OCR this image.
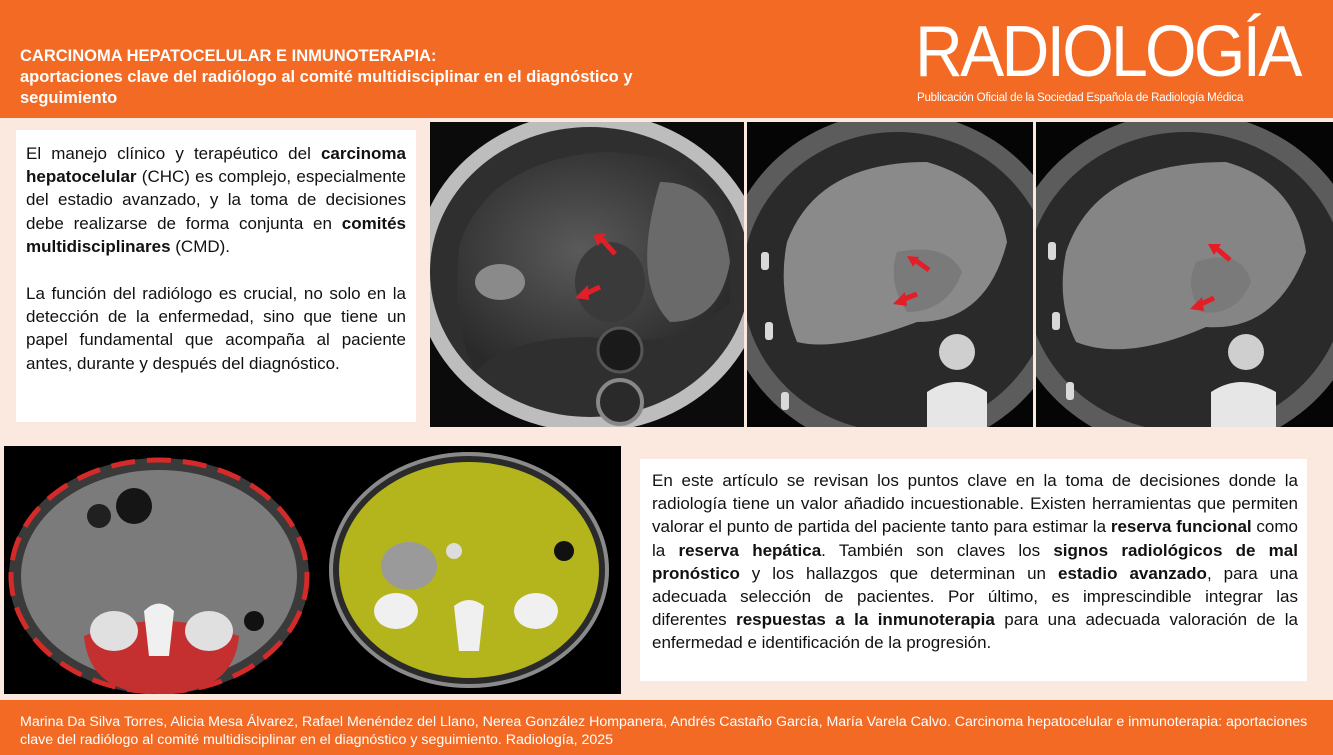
CARCINOMA HEPATOCELULAR E INMUNOTERAPIA:
aportaciones clave del radiólogo al comité multidisciplinar en el diagnóstico y seguimiento
RADIOLOGÍA
Publicación Oficial de la Sociedad Española de Radiología Médica

El manejo clínico y terapéutico del carcinoma hepatocelular (CHC) es complejo, especialmente del estadio avanzado, y la toma de decisiones debe realizarse de forma conjunta en comités multidisciplinares (CMD).

La función del radiólogo es crucial, no solo en la detección de la enfermedad, sino que tiene un papel fundamental que acompaña al paciente antes, durante y después del diagnóstico.

En este artículo se revisan los puntos clave en la toma de decisiones donde la radiología tiene un valor añadido incuestionable. Existen herramientas que permiten valorar el punto de partida del paciente tanto para estimar la reserva funcional como la reserva hepática. También son claves los signos radiológicos de mal pronóstico y los hallazgos que determinan un estadio avanzado, para una adecuada selección de pacientes. Por último, es imprescindible integrar las diferentes respuestas a la inmunoterapia para una adecuada valoración de la enfermedad e identificación de la progresión.

Marina Da Silva Torres, Alicia Mesa Álvarez, Rafael Menéndez del Llano, Nerea González Hompanera, Andrés Castaño García, María Varela Calvo. Carcinoma hepatocelular e inmunoterapia: aportaciones clave del radiólogo al comité multidisciplinar en el diagnóstico y seguimiento. Radiología, 2025
